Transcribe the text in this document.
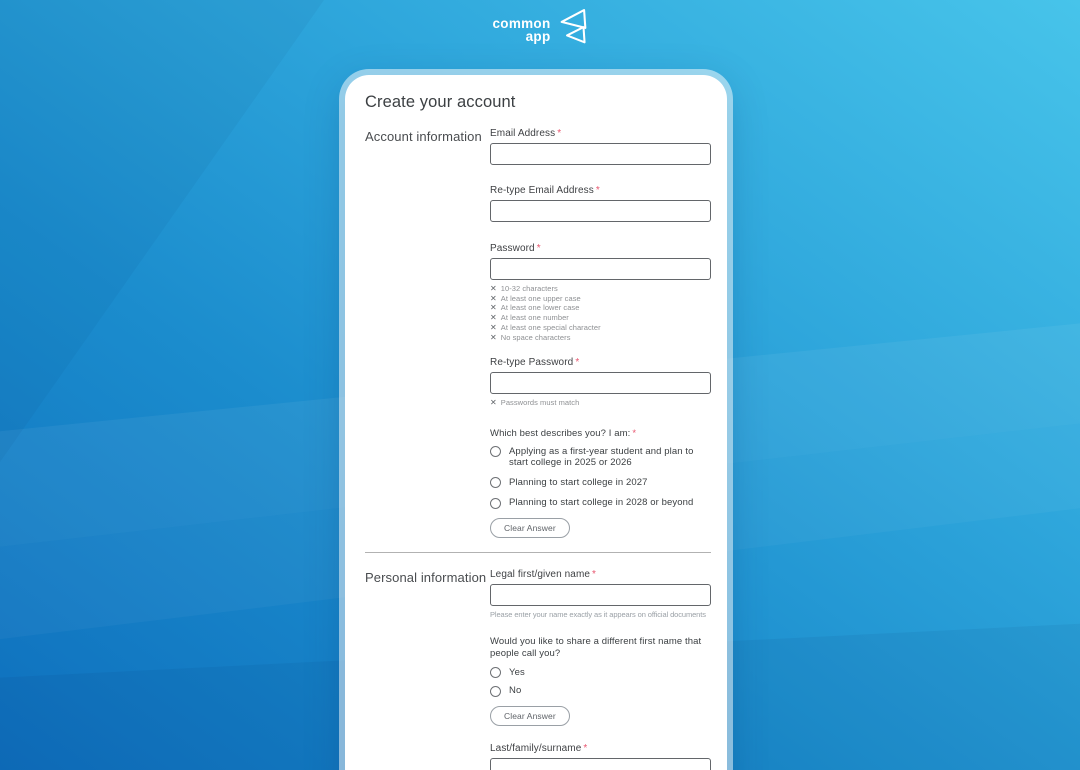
common
app
Create your account
Account information Email Address *
Re-type Email Address *
Password *
✕ 10-32 characters
✕ At least one upper case
✕ At least one lower case
✕ At least one number
✕ At least one special character
✕ No space characters
Re-type Password *
✕ Passwords must match
Which best describes you? I am: *
Applying as a first-year student and plan to start college in 2025 or 2026
Planning to start college in 2027
Planning to start college in 2028 or beyond
Clear Answer
Personal information Legal first/given name *
Please enter your name exactly as it appears on official documents
Would you like to share a different first name that people call you?
Yes
No
Clear Answer
Last/family/surname *
